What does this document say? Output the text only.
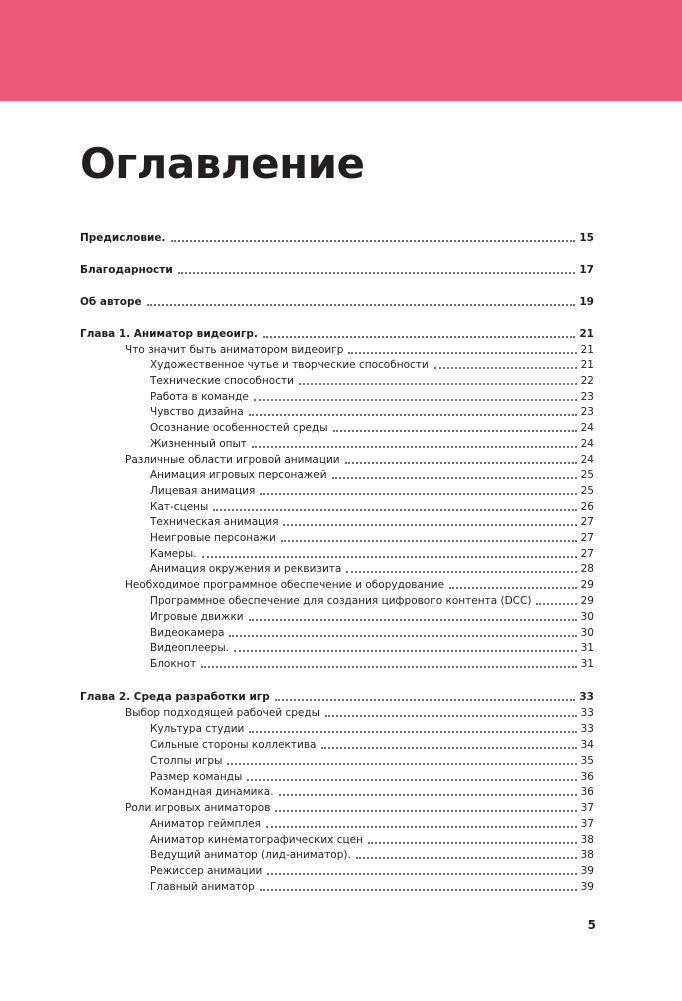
Оглавление
Предисловие.	15
Благодарности	17
Об авторе	19
Глава 1. Аниматор видеоигр.	21
Что значит быть аниматором видеоигр	21
Художественное чутье и творческие способности	21
Технические способности	22
Работа в команде	23
Чувство дизайна	23
Осознание особенностей среды	24
Жизненный опыт	24
Различные области игровой анимации	24
Анимация игровых персонажей	25
Лицевая анимация	25
Кат-сцены	26
Техническая анимация	27
Неигровые персонажи	27
Камеры.	27
Анимация окружения и реквизита	28
Необходимое программное обеспечение и оборудование	29
Программное обеспечение для создания цифрового контента (DCC)	29
Игровые движки	30
Видеокамера	30
Видеоплееры.	31
Блокнот	31
Глава 2. Среда разработки игр	33
Выбор подходящей рабочей среды	33
Культура студии	33
Сильные стороны коллектива	34
Столпы игры	35
Размер команды	36
Командная динамика.	36
Роли игровых аниматоров	37
Аниматор геймплея	37
Аниматор кинематографических сцен	38
Ведущий аниматор (лид-аниматор).	38
Режиссер анимации	39
Главный аниматор	39
5
